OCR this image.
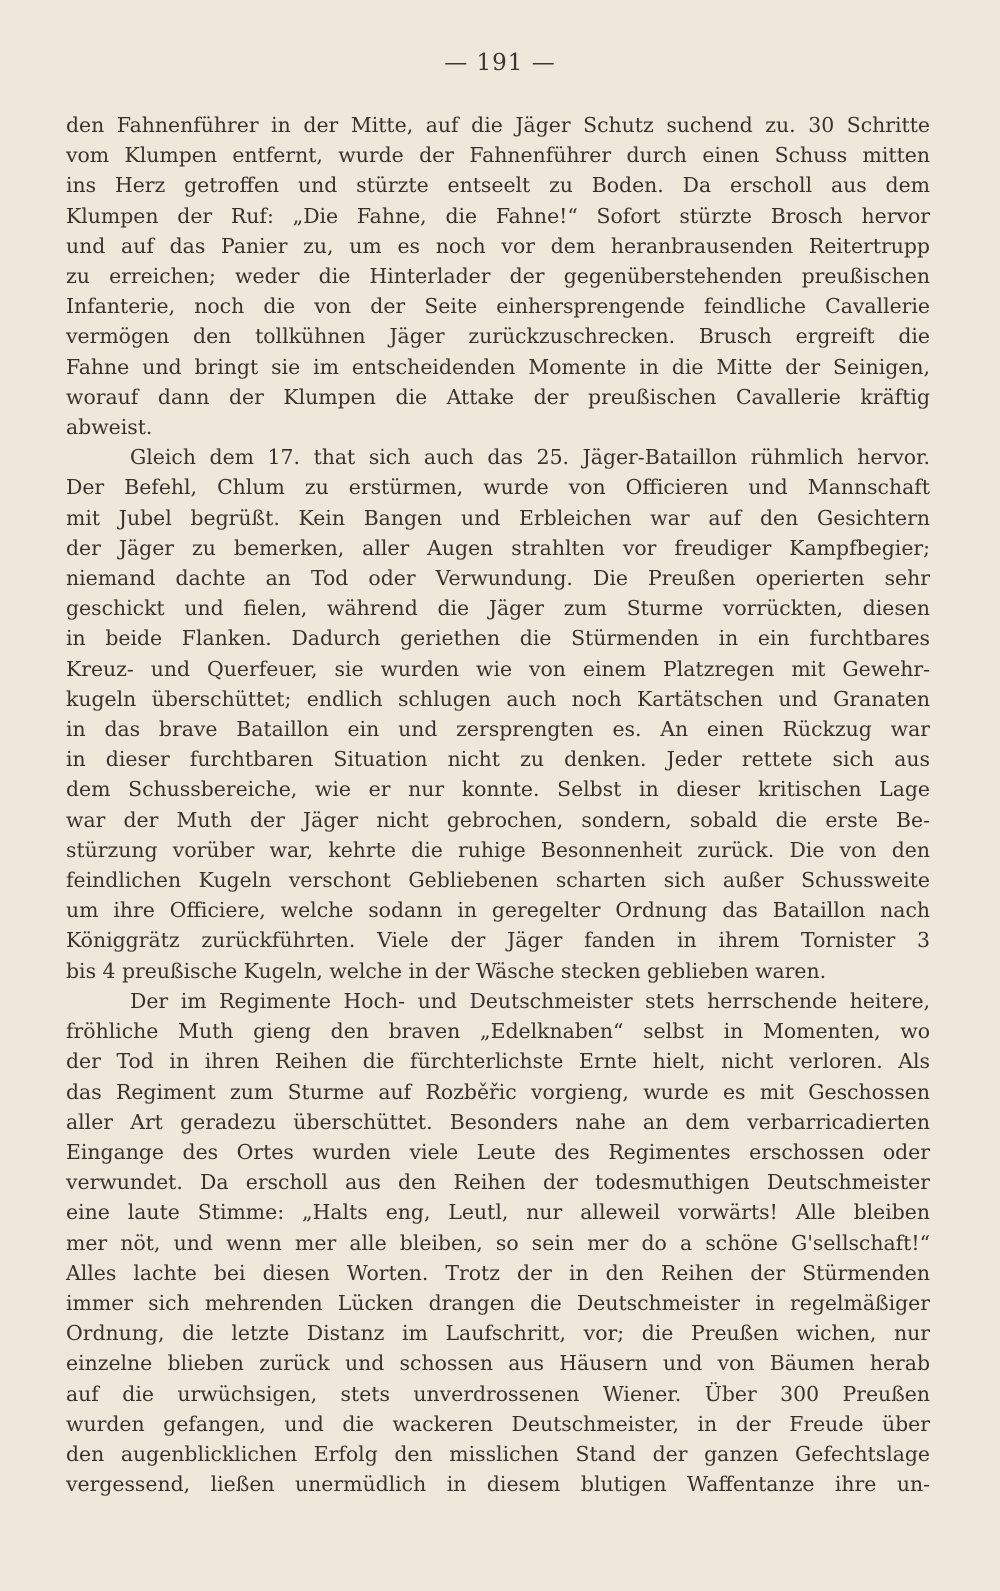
— 191 —

den Fahnenführer in der Mitte, auf die Jäger Schutz suchend zu. 30 Schritte

vom Klumpen entfernt, wurde der Fahnenführer durch einen Schuss mitten

ins Herz getroffen und stürzte entseelt zu Boden. Da erscholl aus dem

Klumpen der Ruf: „Die Fahne, die Fahne!“ Sofort stürzte Brosch hervor

und auf das Panier zu, um es noch vor dem heranbrausenden Reitertrupp

zu erreichen; weder die Hinterlader der gegenüberstehenden preußischen

Infanterie, noch die von der Seite einhersprengende feindliche Cavallerie

vermögen den tollkühnen Jäger zurückzuschrecken. Brusch ergreift die

Fahne und bringt sie im entscheidenden Momente in die Mitte der Seinigen,

worauf dann der Klumpen die Attake der preußischen Cavallerie kräftig

abweist.

Gleich dem 17. that sich auch das 25. Jäger-Bataillon rühmlich hervor.

Der Befehl, Chlum zu erstürmen, wurde von Officieren und Mannschaft

mit Jubel begrüßt. Kein Bangen und Erbleichen war auf den Gesichtern

der Jäger zu bemerken, aller Augen strahlten vor freudiger Kampfbegier;

niemand dachte an Tod oder Verwundung. Die Preußen operierten sehr

geschickt und fielen, während die Jäger zum Sturme vorrückten, diesen

in beide Flanken. Dadurch geriethen die Stürmenden in ein furchtbares

Kreuz- und Querfeuer, sie wurden wie von einem Platzregen mit Gewehr-

kugeln überschüttet; endlich schlugen auch noch Kartätschen und Granaten

in das brave Bataillon ein und zersprengten es. An einen Rückzug war

in dieser furchtbaren Situation nicht zu denken. Jeder rettete sich aus

dem Schussbereiche, wie er nur konnte. Selbst in dieser kritischen Lage

war der Muth der Jäger nicht gebrochen, sondern, sobald die erste Be-

stürzung vorüber war, kehrte die ruhige Besonnenheit zurück. Die von den

feindlichen Kugeln verschont Gebliebenen scharten sich außer Schussweite

um ihre Officiere, welche sodann in geregelter Ordnung das Bataillon nach

Königgrätz zurückführten. Viele der Jäger fanden in ihrem Tornister 3

bis 4 preußische Kugeln, welche in der Wäsche stecken geblieben waren.

Der im Regimente Hoch- und Deutschmeister stets herrschende heitere,

fröhliche Muth gieng den braven „Edelknaben“ selbst in Momenten, wo

der Tod in ihren Reihen die fürchterlichste Ernte hielt, nicht verloren. Als

das Regiment zum Sturme auf Rozběřic vorgieng, wurde es mit Geschossen

aller Art geradezu überschüttet. Besonders nahe an dem verbarricadierten

Eingange des Ortes wurden viele Leute des Regimentes erschossen oder

verwundet. Da erscholl aus den Reihen der todesmuthigen Deutschmeister

eine laute Stimme: „Halts eng, Leutl, nur alleweil vorwärts! Alle bleiben

mer nöt, und wenn mer alle bleiben, so sein mer do a schöne G'sellschaft!“

Alles lachte bei diesen Worten. Trotz der in den Reihen der Stürmenden

immer sich mehrenden Lücken drangen die Deutschmeister in regelmäßiger

Ordnung, die letzte Distanz im Laufschritt, vor; die Preußen wichen, nur

einzelne blieben zurück und schossen aus Häusern und von Bäumen herab

auf die urwüchsigen, stets unverdrossenen Wiener. Über 300 Preußen

wurden gefangen, und die wackeren Deutschmeister, in der Freude über

den augenblicklichen Erfolg den misslichen Stand der ganzen Gefechtslage

vergessend, ließen unermüdlich in diesem blutigen Waffentanze ihre un-
